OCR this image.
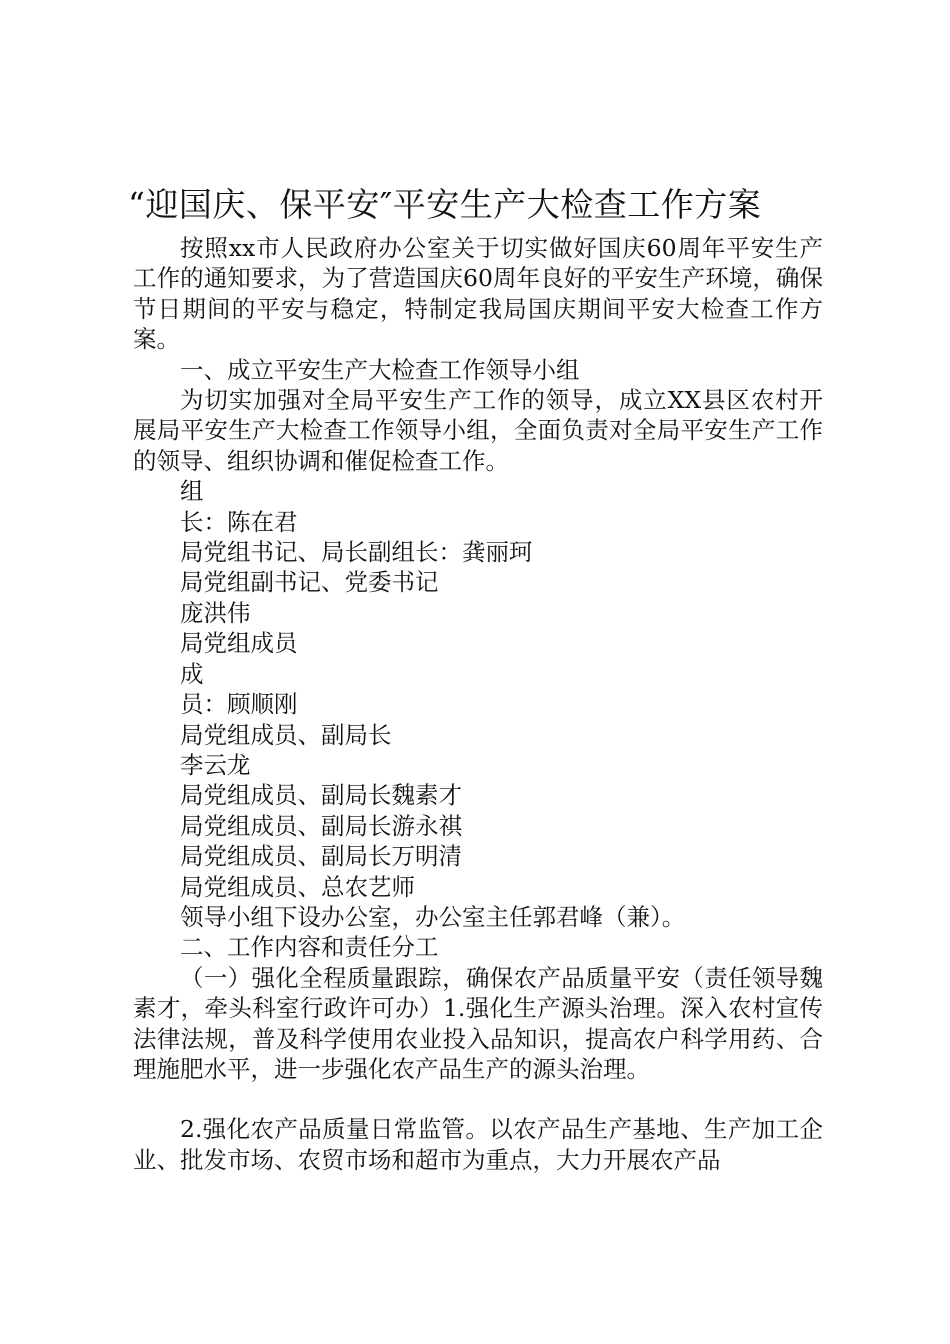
“迎国庆、保平安″平安生产大检查工作方案

按照xx市人民政府办公室关于切实做好国庆60周年平安生产工作的通知要求，为了营造国庆60周年良好的平安生产环境，确保节日期间的平安与稳定，特制定我局国庆期间平安大检查工作方案。

一、成立平安生产大检查工作领导小组

为切实加强对全局平安生产工作的领导，成立XX县区农村开展局平安生产大检查工作领导小组，全面负责对全局平安生产工作的领导、组织协调和催促检查工作。

组

长：陈在君

局党组书记、局长副组长：龚丽珂

局党组副书记、党委书记

庞洪伟

局党组成员

成

员：顾顺刚

局党组成员、副局长

李云龙

局党组成员、副局长魏素才

局党组成员、副局长游永祺

局党组成员、副局长万明清

局党组成员、总农艺师

领导小组下设办公室，办公室主任郭君峰（兼）。

二、工作内容和责任分工

（一）强化全程质量跟踪，确保农产品质量平安（责任领导魏素才，牵头科室行政许可办）1.强化生产源头治理。深入农村宣传法律法规，普及科学使用农业投入品知识，提高农户科学用药、合理施肥水平，进一步强化农产品生产的源头治理。

2.强化农产品质量日常监管。以农产品生产基地、生产加工企业、批发市场、农贸市场和超市为重点，大力开展农产品
